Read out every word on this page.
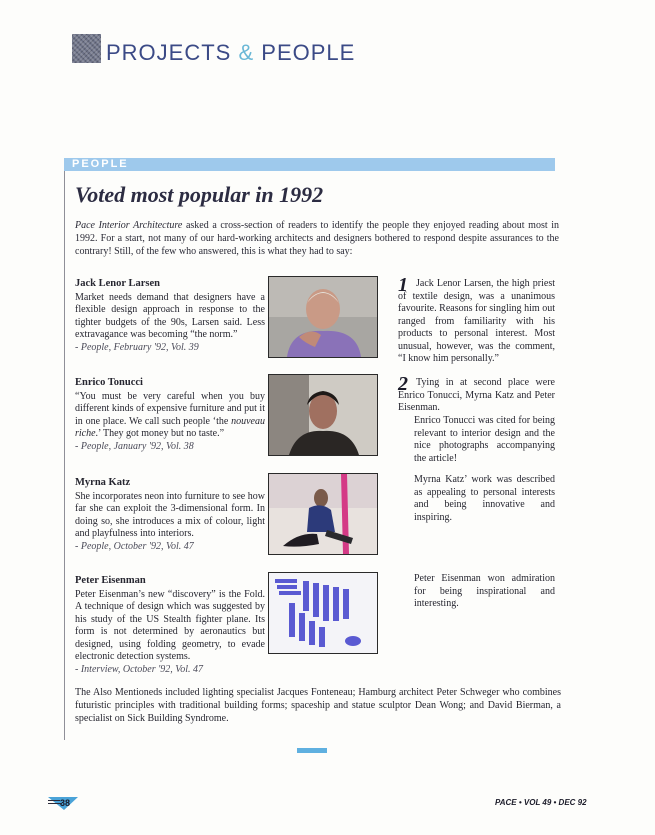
PROJECTS & PEOPLE
PEOPLE
Voted most popular in 1992
Pace Interior Architecture asked a cross-section of readers to identify the people they enjoyed reading about most in 1992. For a start, not many of our hard-working architects and designers bothered to respond despite assurances to the contrary! Still, of the few who answered, this is what they had to say:
Jack Lenor Larsen
Market needs demand that designers have a flexible design approach in response to the tighter budgets of the 90s, Larsen said. Less extravagance was becoming “the norm.”
- People, February '92, Vol. 39
1 Jack Lenor Larsen, the high priest of textile design, was a unanimous favourite. Reasons for singling him out ranged from familiarity with his products to personal interest. Most unusual, however, was the comment, “I know him personally.”
Enrico Tonucci
“You must be very careful when you buy different kinds of expensive furniture and put it in one place. We call such people ‘the nouveau riche.’ They got money but no taste.”
- People, January '92, Vol. 38
2 Tying in at second place were Enrico Tonucci, Myrna Katz and Peter Eisenman.
Enrico Tonucci was cited for being relevant to interior design and the nice photographs accompanying the article!
Myrna Katz
She incorporates neon into furniture to see how far she can exploit the 3-dimensional form. In doing so, she introduces a mix of colour, light and playfulness into interiors.
- People, October '92, Vol. 47
Myrna Katz’ work was described as appealing to personal interests and being innovative and inspiring.
Peter Eisenman
Peter Eisenman’s new “discovery” is the Fold. A technique of design which was suggested by his study of the US Stealth fighter plane. Its form is not determined by aeronautics but designed, using folding geometry, to evade electronic detection systems.
- Interview, October '92, Vol. 47
Peter Eisenman won admiration for being inspirational and interesting.
The Also Mentioneds included lighting specialist Jacques Fonteneau; Hamburg architect Peter Schweger who combines futuristic principles with traditional building forms; spaceship and statue sculptor Dean Wong; and David Bierman, a specialist on Sick Building Syndrome.
38	PACE • VOL 49 • DEC 92
